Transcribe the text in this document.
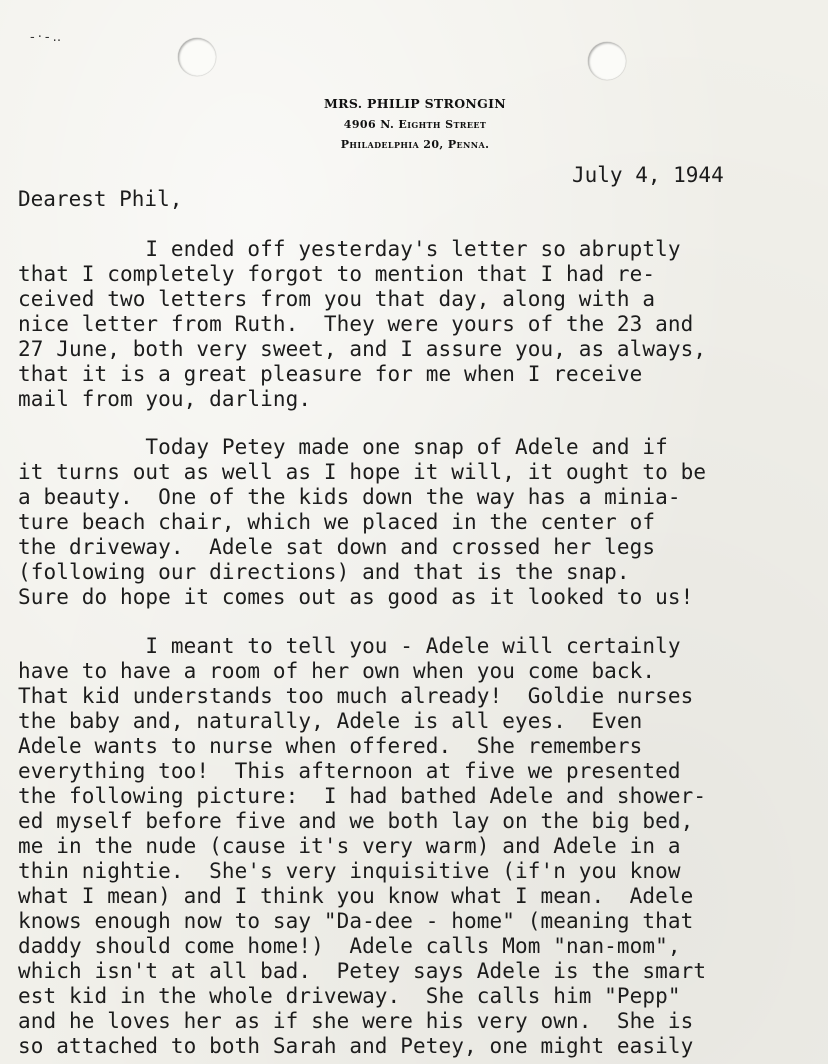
-·-‥
MRS. PHILIP STRONGIN
4906 N. Eighth Street
Philadelphia 20, Penna.
July 4, 1944
Dearest Phil,
I ended off yesterday's letter so abruptly
that I completely forgot to mention that I had re-
ceived two letters from you that day, along with a
nice letter from Ruth.  They were yours of the 23 and
27 June, both very sweet, and I assure you, as always,
that it is a great pleasure for me when I receive
mail from you, darling.
Today Petey made one snap of Adele and if
it turns out as well as I hope it will, it ought to be
a beauty.  One of the kids down the way has a minia-
ture beach chair, which we placed in the center of
the driveway.  Adele sat down and crossed her legs
(following our directions) and that is the snap.
Sure do hope it comes out as good as it looked to us!
I meant to tell you - Adele will certainly
have to have a room of her own when you come back.
That kid understands too much already!  Goldie nurses
the baby and, naturally, Adele is all eyes.  Even
Adele wants to nurse when offered.  She remembers
everything too!  This afternoon at five we presented
the following picture:  I had bathed Adele and shower-
ed myself before five and we both lay on the big bed,
me in the nude (cause it's very warm) and Adele in a
thin nightie.  She's very inquisitive (if'n you know
what I mean) and I think you know what I mean.  Adele
knows enough now to say "Da-dee - home" (meaning that
daddy should come home!)  Adele calls Mom "nan-mom",
which isn't at all bad.  Petey says Adele is the smart
est kid in the whole driveway.  She calls him "Pepp"
and he loves her as if she were his very own.  She is
so attached to both Sarah and Petey, one might easily
